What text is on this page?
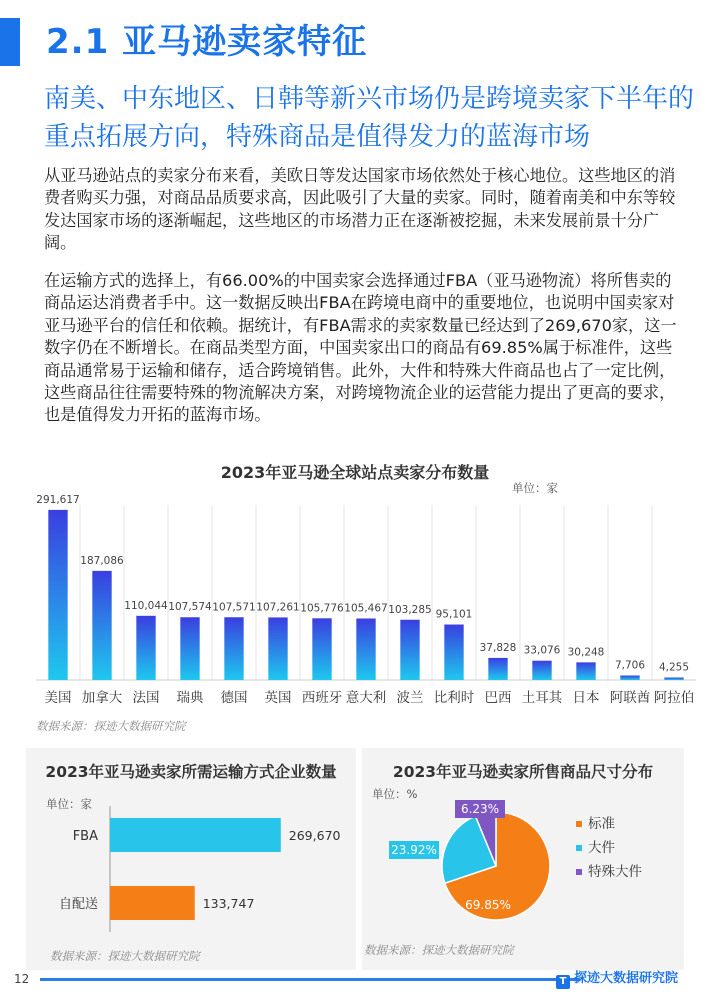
2.1 亚马逊卖家特征
南美、中东地区、日韩等新兴市场仍是跨境卖家下半年的重点拓展方向，特殊商品是值得发力的蓝海市场
从亚马逊站点的卖家分布来看，美欧日等发达国家市场依然处于核心地位。这些地区的消费者购买力强，对商品品质要求高，因此吸引了大量的卖家。同时，随着南美和中东等较发达国家市场的逐渐崛起，这些地区的市场潜力正在逐渐被挖掘，未来发展前景十分广阔。
在运输方式的选择上，有66.00%的中国卖家会选择通过FBA（亚马逊物流）将所售卖的商品运达消费者手中。这一数据反映出FBA在跨境电商中的重要地位，也说明中国卖家对亚马逊平台的信任和依赖。据统计，有FBA需求的卖家数量已经达到了269,670家，这一数字仍在不断增长。在商品类型方面，中国卖家出口的商品有69.85%属于标准件，这些商品通常易于运输和储存，适合跨境销售。此外，大件和特殊大件商品也占了一定比例，这些商品往往需要特殊的物流解决方案，对跨境物流企业的运营能力提出了更高的要求，也是值得发力开拓的蓝海市场。
2023年亚马逊全球站点卖家分布数量
单位：家
291,617
美国
187,086
加拿大
110,044
法国
107,574
瑞典
107,571
德国
107,261
英国
105,776
西班牙
105,467
意大利
103,285
波兰
95,101
比利时
37,828
巴西
33,076
土耳其
30,248
日本
7,706
阿联酋
4,255
阿拉伯
数据来源：探迹大数据研究院
2023年亚马逊卖家所需运输方式企业数量
单位：家
FBA	269,670
自配送	133,747
数据来源：探迹大数据研究院
2023年亚马逊卖家所售商品尺寸分布
单位：%
69.85%
23.92%
6.23%
标准
大件
特殊大件
数据来源：探迹大数据研究院
12	T 探迹大数据研究院
